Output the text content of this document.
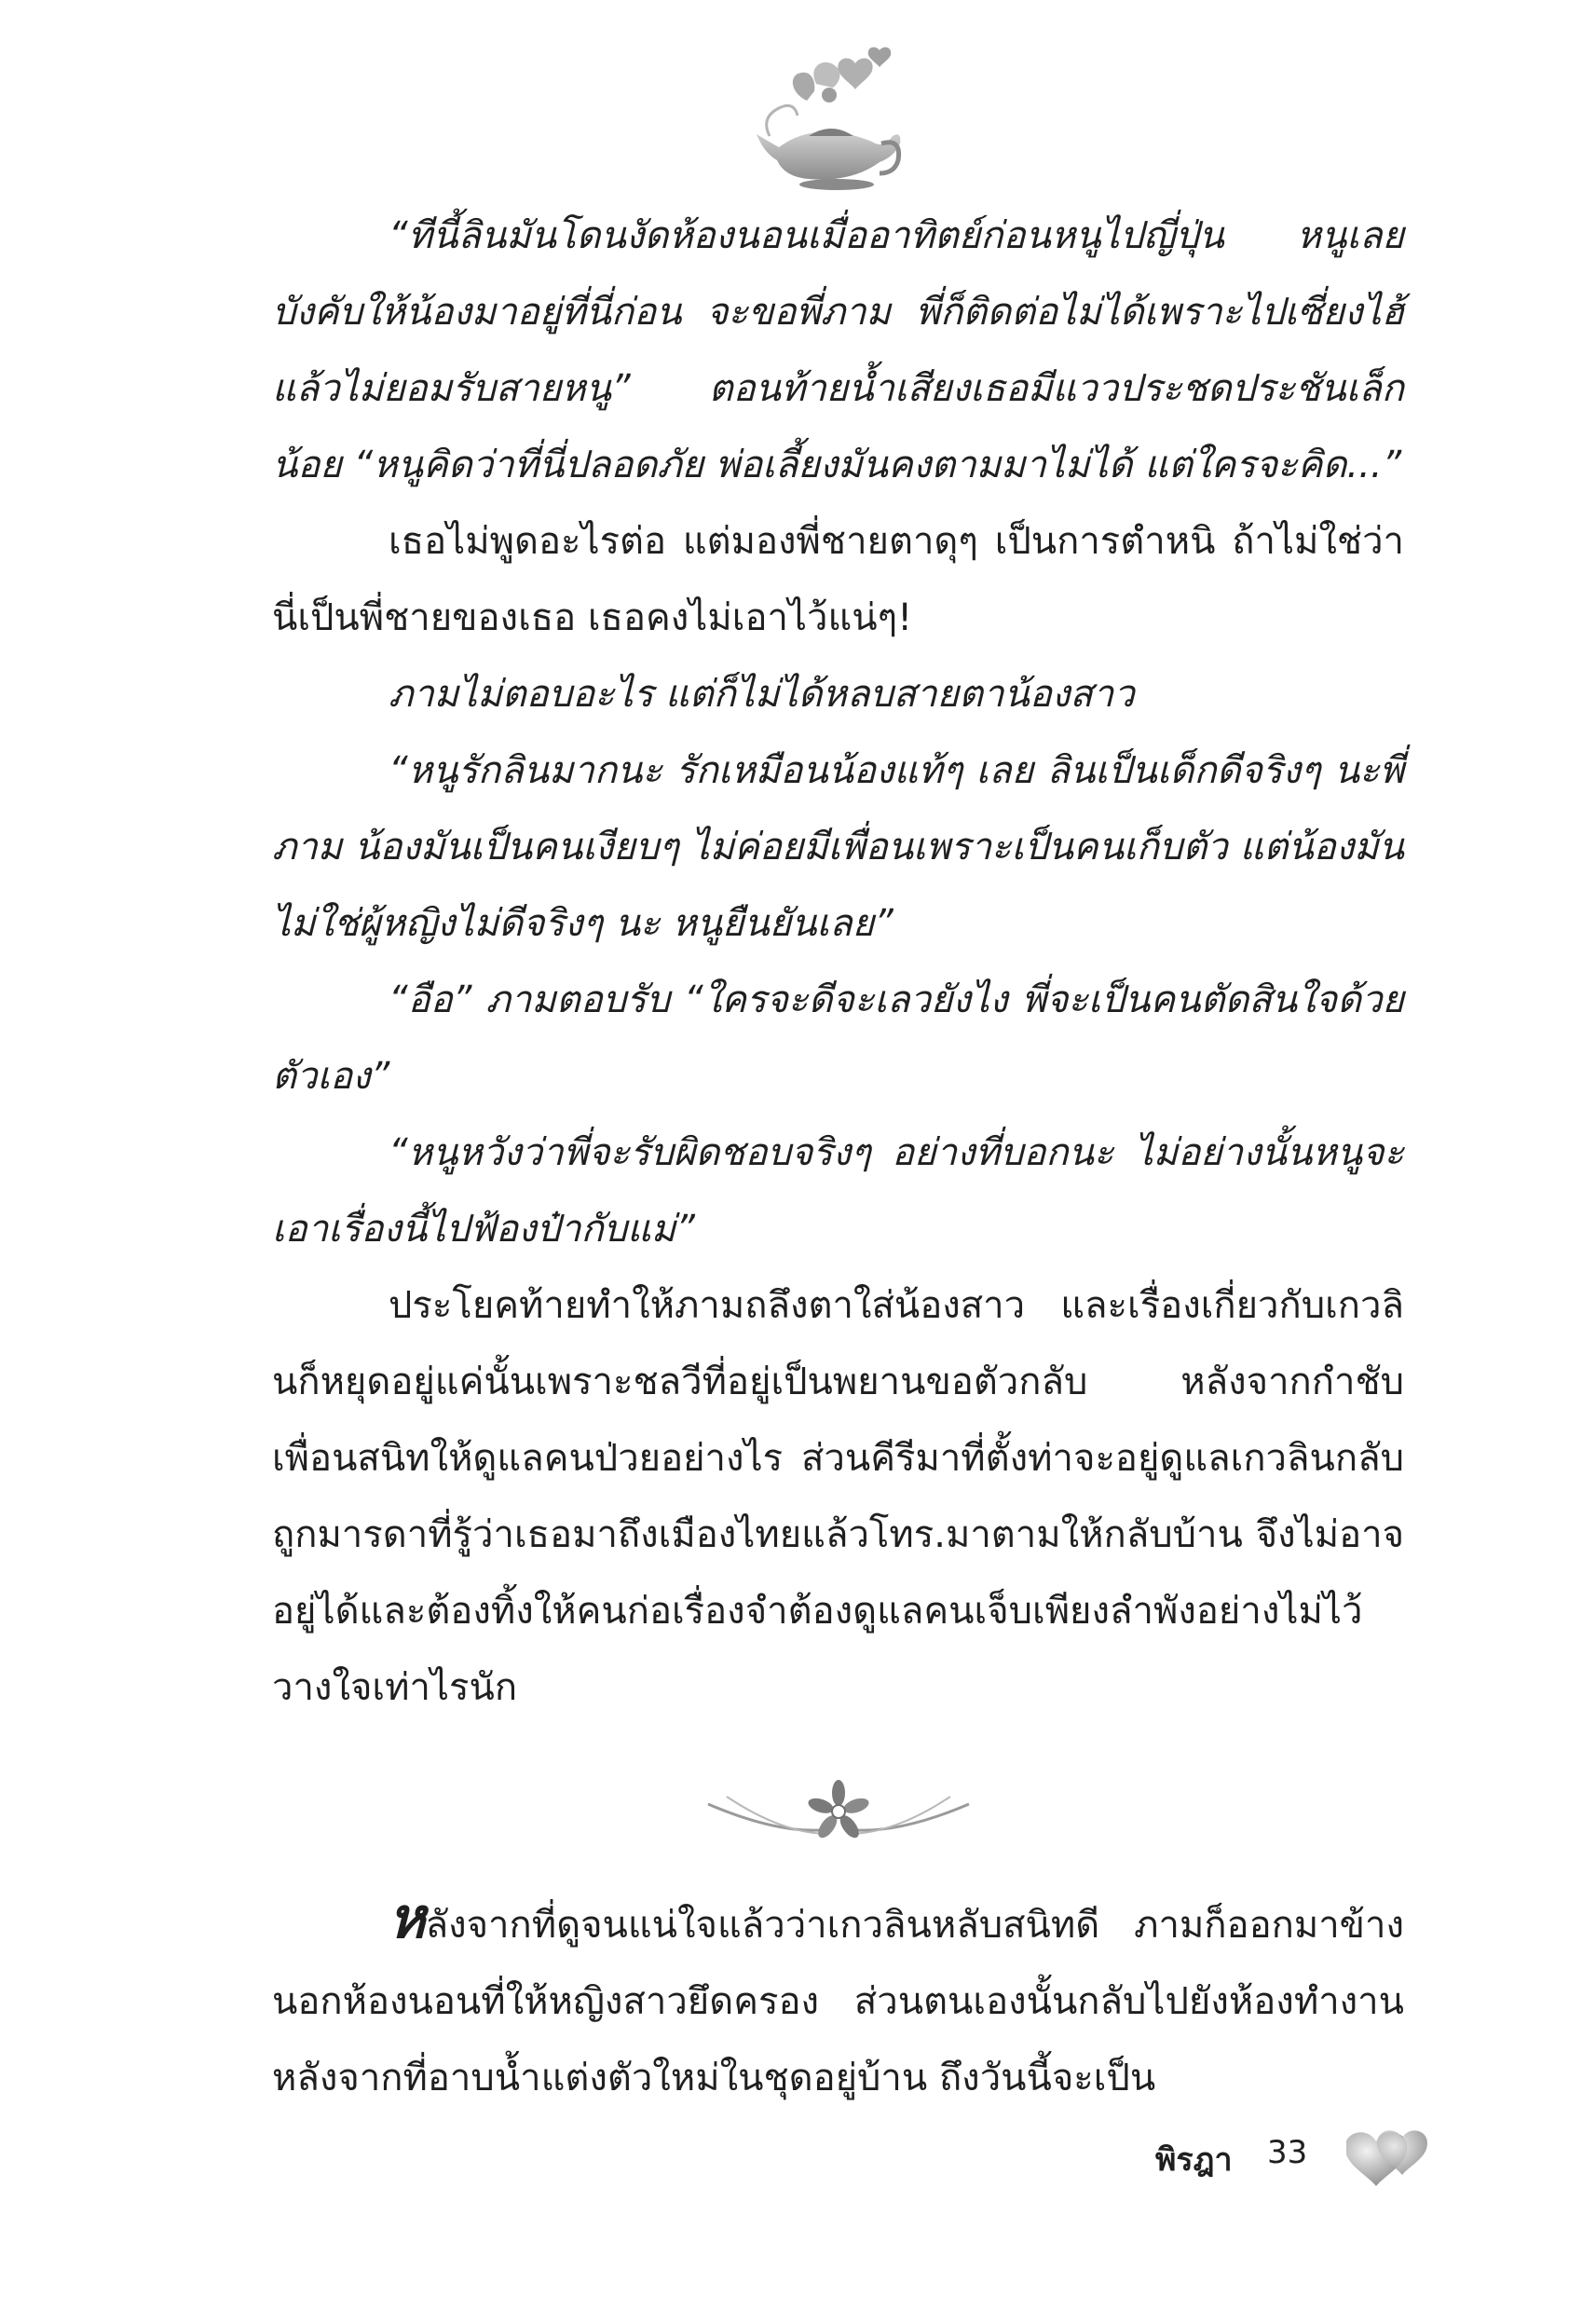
“ทีนี้ลินมันโดนงัดห้องนอนเมื่ออาทิตย์ก่อนหนูไปญี่ปุ่น หนูเลยบังคับให้น้องมาอยู่ที่นี่ก่อน จะขอพี่ภาม พี่ก็ติดต่อไม่ได้เพราะไปเซี่ยงไฮ้แล้วไม่ยอมรับสายหนู” ตอนท้ายน้ำเสียงเธอมีแววประชดประชันเล็กน้อย “หนูคิดว่าที่นี่ปลอดภัย พ่อเลี้ยงมันคงตามมาไม่ได้ แต่ใครจะคิด...”

เธอไม่พูดอะไรต่อ แต่มองพี่ชายตาดุๆ เป็นการตำหนิ ถ้าไม่ใช่ว่านี่เป็นพี่ชายของเธอ เธอคงไม่เอาไว้แน่ๆ!

ภามไม่ตอบอะไร แต่ก็ไม่ได้หลบสายตาน้องสาว

“หนูรักลินมากนะ รักเหมือนน้องแท้ๆ เลย ลินเป็นเด็กดีจริงๆ นะพี่ภาม น้องมันเป็นคนเงียบๆ ไม่ค่อยมีเพื่อนเพราะเป็นคนเก็บตัว แต่น้องมันไม่ใช่ผู้หญิงไม่ดีจริงๆ นะ หนูยืนยันเลย”

“อือ” ภามตอบรับ “ใครจะดีจะเลวยังไง พี่จะเป็นคนตัดสินใจด้วยตัวเอง”

“หนูหวังว่าพี่จะรับผิดชอบจริงๆ อย่างที่บอกนะ ไม่อย่างนั้นหนูจะเอาเรื่องนี้ไปฟ้องป๋ากับแม่”

ประโยคท้ายทำให้ภามถลึงตาใส่น้องสาว และเรื่องเกี่ยวกับเกวลินก็หยุดอยู่แค่นั้นเพราะชลวีที่อยู่เป็นพยานขอตัวกลับ หลังจากกำชับเพื่อนสนิทให้ดูแลคนป่วยอย่างไร ส่วนคีรีมาที่ตั้งท่าจะอยู่ดูแลเกวลินกลับถูกมารดาที่รู้ว่าเธอมาถึงเมืองไทยแล้วโทร.มาตามให้กลับบ้าน จึงไม่อาจอยู่ได้และต้องทิ้งให้คนก่อเรื่องจำต้องดูแลคนเจ็บเพียงลำพังอย่างไม่ไว้วางใจเท่าไรนัก

หลังจากที่ดูจนแน่ใจแล้วว่าเกวลินหลับสนิทดี ภามก็ออกมาข้างนอกห้องนอนที่ให้หญิงสาวยึดครอง ส่วนตนเองนั้นกลับไปยังห้องทำงานหลังจากที่อาบน้ำแต่งตัวใหม่ในชุดอยู่บ้าน ถึงวันนี้จะเป็น

พิรฎา 33
